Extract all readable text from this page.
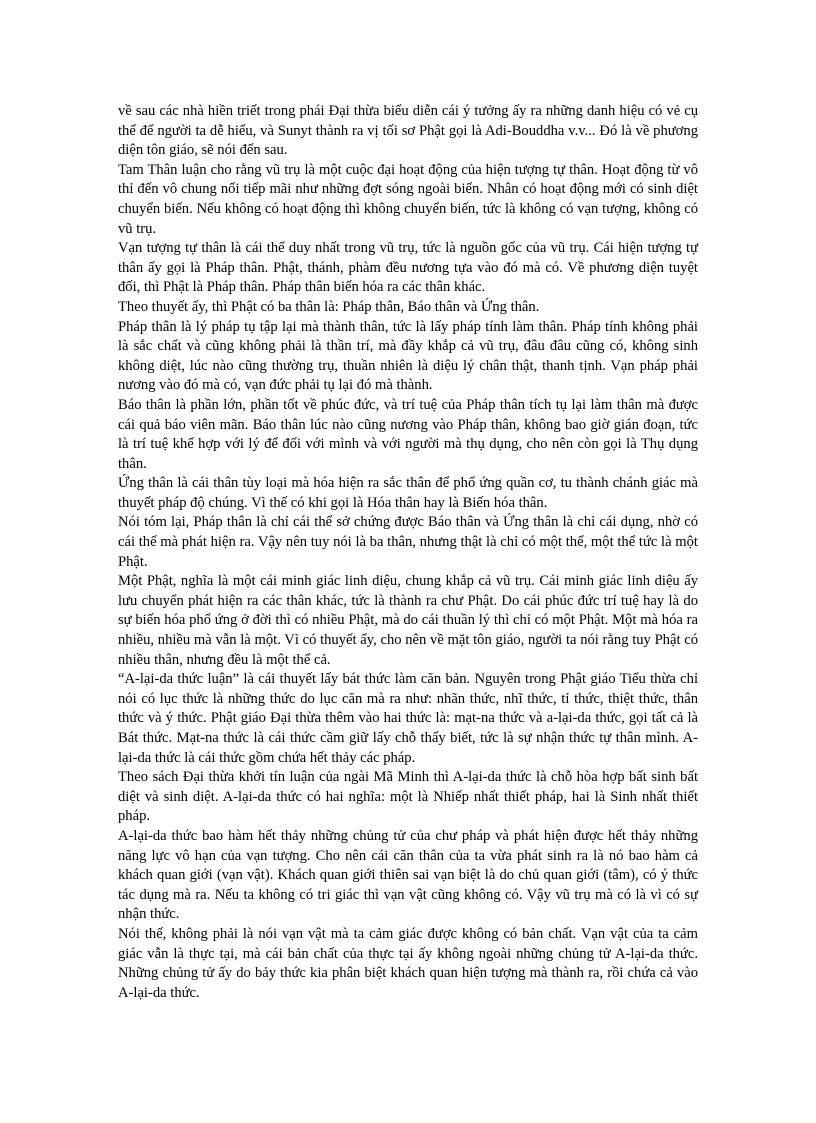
về sau các nhà hiền triết trong phái Đại thừa biểu diễn cái ý tưởng ấy ra những danh hiệu có vẻ cụ thể để người ta dễ hiểu, và Sunyt thành ra vị tối sơ Phật gọi là Adi-Bouddha v.v... Đó là về phương diện tôn giáo, sẽ nói đến sau.

Tam Thân luận cho rằng vũ trụ là một cuộc đại hoạt động của hiện tượng tự thân. Hoạt động từ vô thỉ đến vô chung nối tiếp mãi như những đợt sóng ngoài biển. Nhân có hoạt động mới có sinh diệt chuyển biến. Nếu không có hoạt động thì không chuyển biến, tức là không có vạn tượng, không có vũ trụ.

Vạn tượng tự thân là cái thể duy nhất trong vũ trụ, tức là nguồn gốc của vũ trụ. Cái hiện tượng tự thân ấy gọi là Pháp thân. Phật, thánh, phàm đều nương tựa vào đó mà có. Về phương diện tuyệt đối, thì Phật là Pháp thân. Pháp thân biến hóa ra các thân khác.

Theo thuyết ấy, thì Phật có ba thân là: Pháp thân, Báo thân và Ứng thân.

Pháp thân là lý pháp tụ tập lại mà thành thân, tức là lấy pháp tính làm thân. Pháp tính không phải là sắc chất và cũng không phải là thần trí, mà đầy khắp cả vũ trụ, đâu đâu cũng có, không sinh không diệt, lúc nào cũng thường trụ, thuần nhiên là diệu lý chân thật, thanh tịnh. Vạn pháp phải nương vào đó mà có, vạn đức phải tụ lại đó mà thành.

Báo thân là phần lớn, phần tốt về phúc đức, và trí tuệ của Pháp thân tích tụ lại làm thân mà được cái quả báo viên mãn. Báo thân lúc nào cũng nương vào Pháp thân, không bao giờ gián đoạn, tức là trí tuệ khế hợp với lý để đối với mình và với người mà thụ dụng, cho nên còn gọi là Thụ dụng thân.

Ứng thân là cái thân tùy loại mà hóa hiện ra sắc thân để phổ ứng quần cơ, tu thành chánh giác mà thuyết pháp độ chúng. Vì thế có khi gọi là Hóa thân hay là Biến hóa thân.

Nói tóm lại, Pháp thân là chỉ cái thể sở chứng được Báo thân và Ứng thân là chỉ cái dụng, nhờ có cái thể mà phát hiện ra. Vậy nên tuy nói là ba thân, nhưng thật là chỉ có một thể, một thể tức là một Phật.

Một Phật, nghĩa là một cái minh giác linh diệu, chung khắp cả vũ trụ. Cái minh giác linh diệu ấy lưu chuyển phát hiện ra các thân khác, tức là thành ra chư Phật. Do cái phúc đức trí tuệ hay là do sự biến hóa phổ ứng ở đời thì có nhiều Phật, mà do cái thuần lý thì chỉ có một Phật. Một mà hóa ra nhiều, nhiều mà vẫn là một. Vì có thuyết ấy, cho nên về mặt tôn giáo, người ta nói rằng tuy Phật có nhiều thân, nhưng đều là một thể cả.

“A-lại-da thức luận” là cái thuyết lấy bát thức làm căn bản. Nguyên trong Phật giáo Tiểu thừa chỉ nói có lục thức là những thức do lục căn mà ra như: nhãn thức, nhĩ thức, tỉ thức, thiệt thức, thân thức và ý thức. Phật giáo Đại thừa thêm vào hai thức là: mạt-na thức và a-lại-da thức, gọi tất cả là Bát thức. Mạt-na thức là cái thức cầm giữ lấy chỗ thấy biết, tức là sự nhận thức tự thân mình. A-lại-da thức là cái thức gồm chứa hết thảy các pháp.

Theo sách Đại thừa khởi tín luận của ngài Mã Minh thì A-lại-da thức là chỗ hòa hợp bất sinh bất diệt và sinh diệt. A-lại-da thức có hai nghĩa: một là Nhiếp nhất thiết pháp, hai là Sinh nhất thiết pháp.

A-lại-da thức bao hàm hết thảy những chủng tử của chư pháp và phát hiện được hết thảy những năng lực vô hạn của vạn tượng. Cho nên cái căn thân của ta vừa phát sinh ra là nó bao hàm cả khách quan giới (vạn vật). Khách quan giới thiên sai vạn biệt là do chủ quan giới (tâm), có ý thức tác dụng mà ra. Nếu ta không có tri giác thì vạn vật cũng không có. Vậy vũ trụ mà có là vì có sự nhận thức.

Nói thế, không phải là nói vạn vật mà ta cảm giác được không có bản chất. Vạn vật của ta cảm giác vẫn là thực tại, mà cái bản chất của thực tại ấy không ngoài những chủng tử A-lại-da thức. Những chủng tử ấy do bảy thức kia phân biệt khách quan hiện tượng mà thành ra, rồi chứa cả vào A-lại-da thức.
